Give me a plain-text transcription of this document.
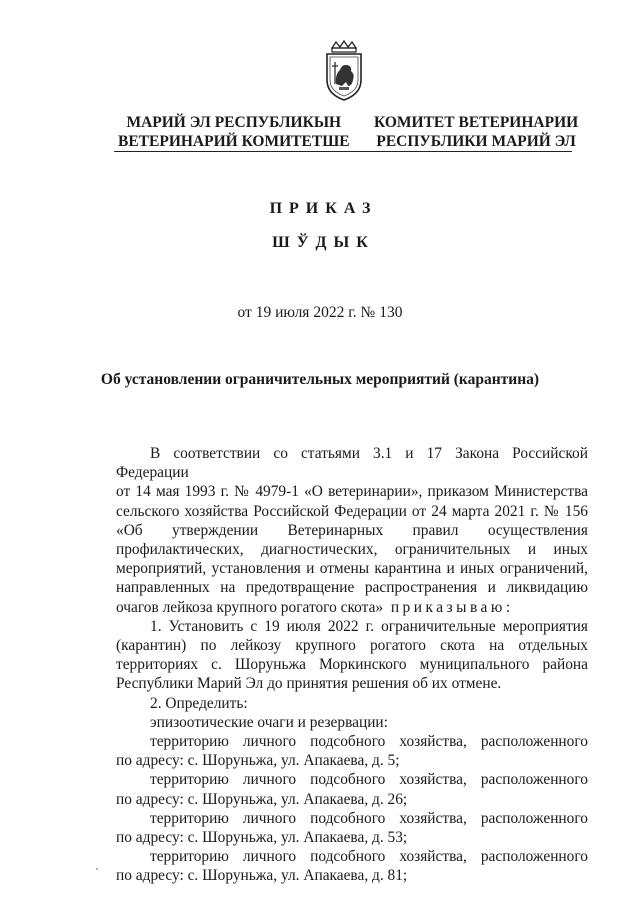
МАРИЙ ЭЛ РЕСПУБЛИКЫН
ВЕТЕРИНАРИЙ КОМИТЕТШЕ
КОМИТЕТ ВЕТЕРИНАРИИ
РЕСПУБЛИКИ МАРИЙ ЭЛ
ПРИКАЗ
ШЎДЫК
от 19 июля 2022 г. № 130
Об установлении ограничительных мероприятий (карантина)

В соответствии со статьями 3.1 и 17 Закона Российской Федерации

от 14 мая 1993 г. № 4979-1 «О ветеринарии», приказом Министерства

сельского хозяйства Российской Федерации от 24 марта 2021 г. № 156

«Об утверждении Ветеринарных правил осуществления

профилактических, диагностических, ограничительных и иных

мероприятий, установления и отмены карантина и иных ограничений,

направленных на предотвращение распространения и ликвидацию

очагов лейкоза крупного рогатого скота» приказываю:

1. Установить с 19 июля 2022 г. ограничительные мероприятия

(карантин) по лейкозу крупного рогатого скота на отдельных

территориях с. Шоруньжа Моркинского муниципального района

Республики Марий Эл до принятия решения об их отмене.

2. Определить:

эпизоотические очаги и резервации:

территорию личного подсобного хозяйства, расположенного

по адресу: с. Шоруньжа, ул. Апакаева, д. 5;

территорию личного подсобного хозяйства, расположенного

по адресу: с. Шоруньжа, ул. Апакаева, д. 26;

территорию личного подсобного хозяйства, расположенного

по адресу: с. Шоруньжа, ул. Апакаева, д. 53;

территорию личного подсобного хозяйства, расположенного

по адресу: с. Шоруньжа, ул. Апакаева, д. 81;
